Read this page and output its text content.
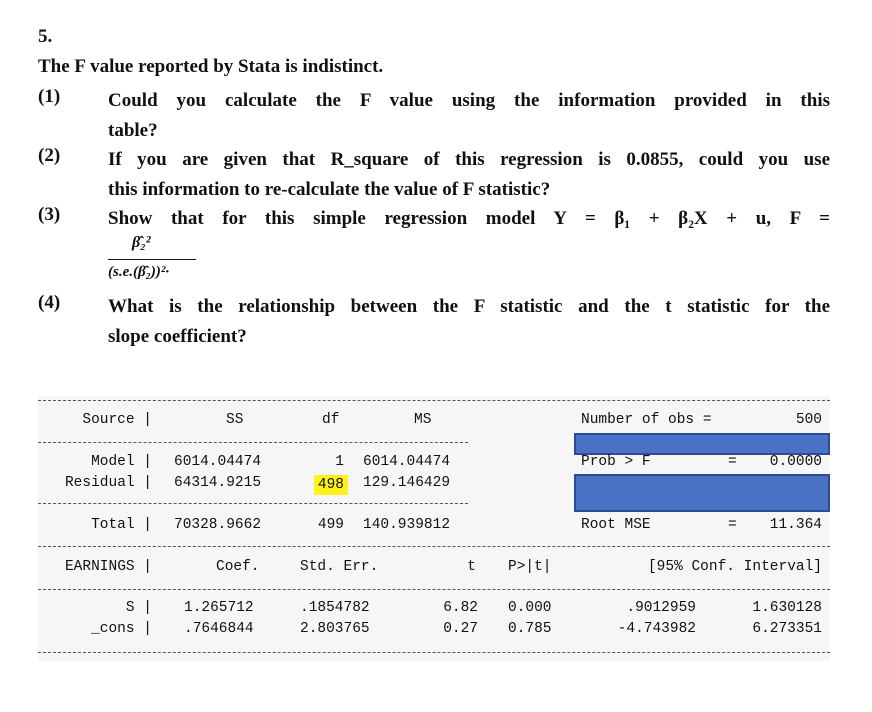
5.
The F value reported by Stata is indistinct.
(1)	Could you calculate the F value using the information provided in this
table?
(2)	If you are given that R_square of this regression is 0.0855, could you use
this information to re-calculate the value of F statistic?
(3)	Show that for this simple regression model Y = β₁ + β₂X + u, F =
β̂₂²
(s.e.(β̂₂))²·
(4)	What is the relationship between the F statistic and the t statistic for the
slope coefficient?
Source |	SS	df	MS	Number of obs =	500
Model | 6014.04474	1 6014.04474	Prob > F	= 0.0000
Residual | 64314.9215	498 129.146429
Total | 70328.9662	499 140.939812	Root MSE	= 11.364
EARNINGS |	Coef.	Std. Err.	t P>|t|	[95% Conf. Interval]
S | 1.265712	.1854782	6.82 0.000	.9012959	1.630128
_cons | .7646844	2.803765	0.27 0.785	-4.743982	6.273351
